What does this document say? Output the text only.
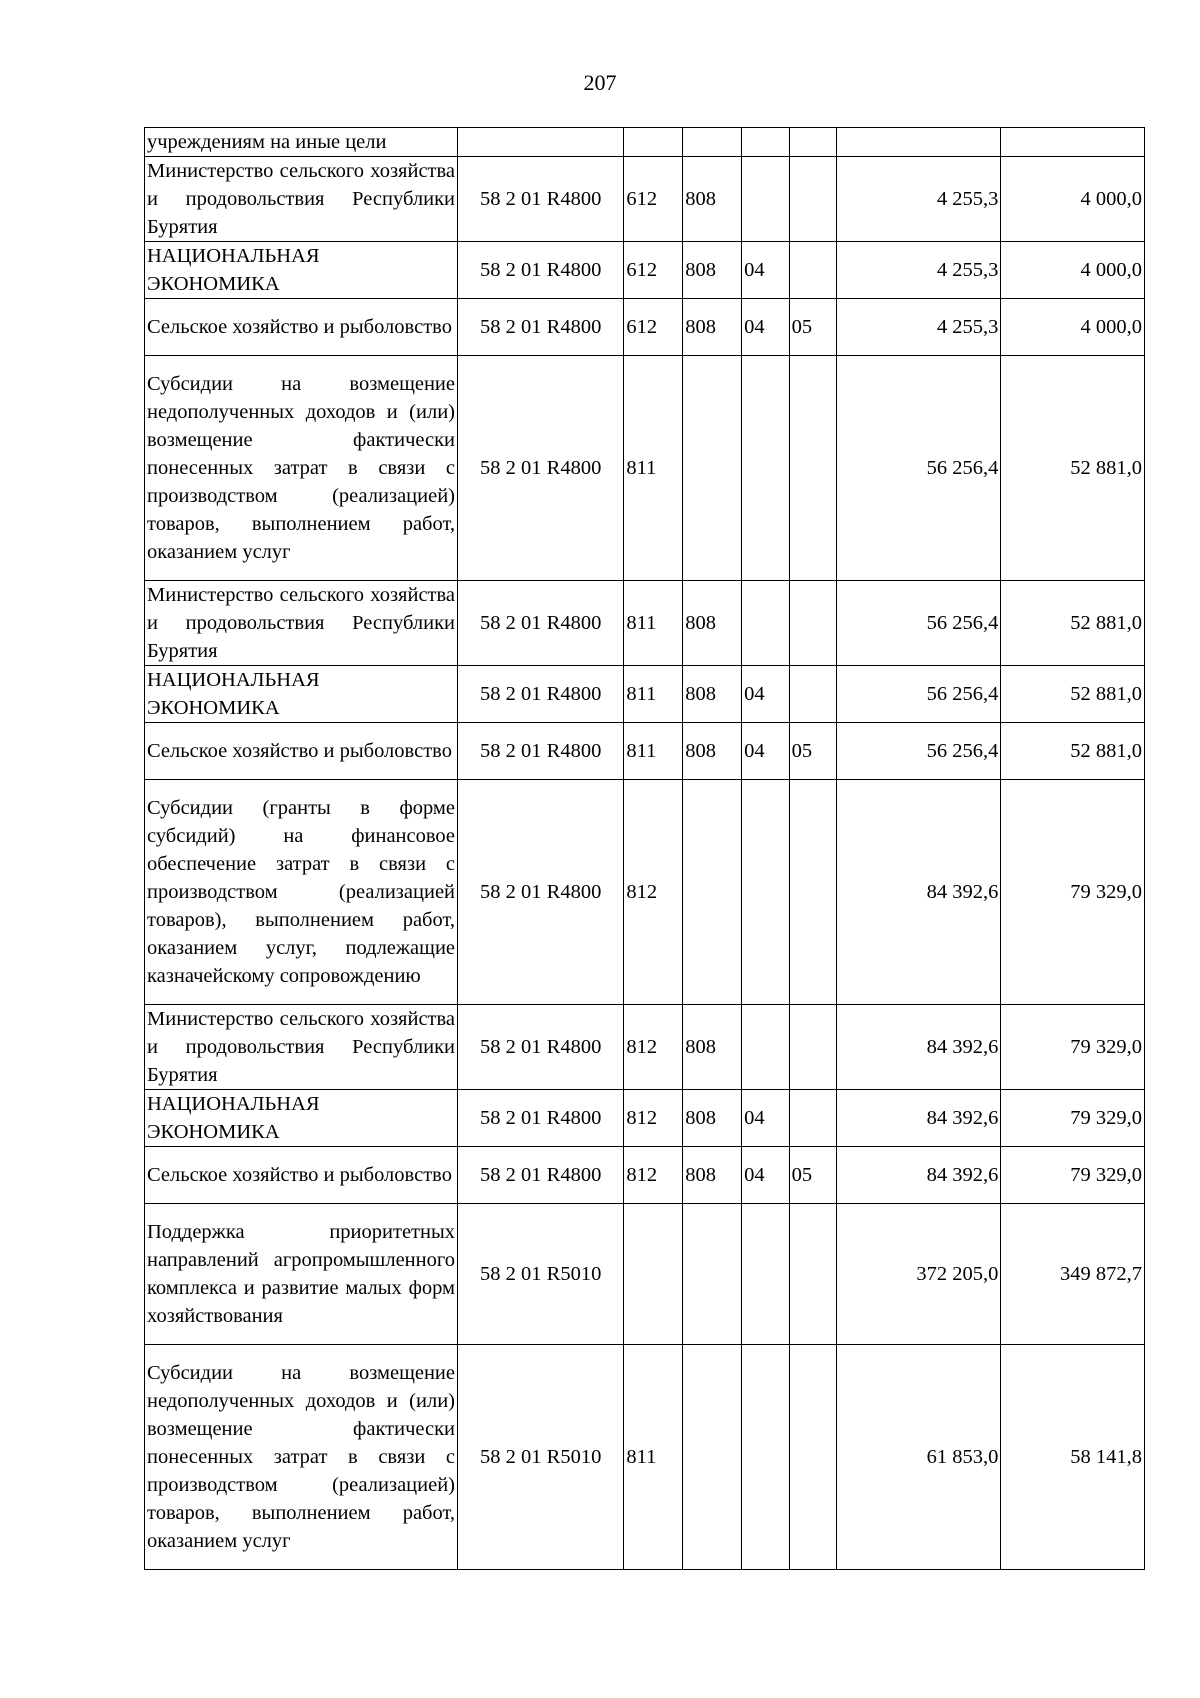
207
учреждениям на иные цели							
Министерство сельского хозяйства и продовольствия Республики Бурятия	58 2 01 R4800	612	808			4 255,3	4 000,0
НАЦИОНАЛЬНАЯ ЭКОНОМИКА	58 2 01 R4800	612	808	04		4 255,3	4 000,0
Сельское хозяйство и рыболовство	58 2 01 R4800	612	808	04	05	4 255,3	4 000,0
Субсидии на возмещение недополученных доходов и (или) возмещение фактически понесенных затрат в связи с производством (реализацией) товаров, выполнением работ, оказанием услуг	58 2 01 R4800	811				56 256,4	52 881,0
Министерство сельского хозяйства и продовольствия Республики Бурятия	58 2 01 R4800	811	808			56 256,4	52 881,0
НАЦИОНАЛЬНАЯ ЭКОНОМИКА	58 2 01 R4800	811	808	04		56 256,4	52 881,0
Сельское хозяйство и рыболовство	58 2 01 R4800	811	808	04	05	56 256,4	52 881,0
Субсидии (гранты в форме субсидий) на финансовое обеспечение затрат в связи с производством (реализацией товаров), выполнением работ, оказанием услуг, подлежащие казначейскому сопровождению	58 2 01 R4800	812				84 392,6	79 329,0
Министерство сельского хозяйства и продовольствия Республики Бурятия	58 2 01 R4800	812	808			84 392,6	79 329,0
НАЦИОНАЛЬНАЯ ЭКОНОМИКА	58 2 01 R4800	812	808	04		84 392,6	79 329,0
Сельское хозяйство и рыболовство	58 2 01 R4800	812	808	04	05	84 392,6	79 329,0
Поддержка приоритетных направлений агропромышленного комплекса и развитие малых форм хозяйствования	58 2 01 R5010					372 205,0	349 872,7
Субсидии на возмещение недополученных доходов и (или) возмещение фактически понесенных затрат в связи с производством (реализацией) товаров, выполнением работ, оказанием услуг	58 2 01 R5010	811				61 853,0	58 141,8
